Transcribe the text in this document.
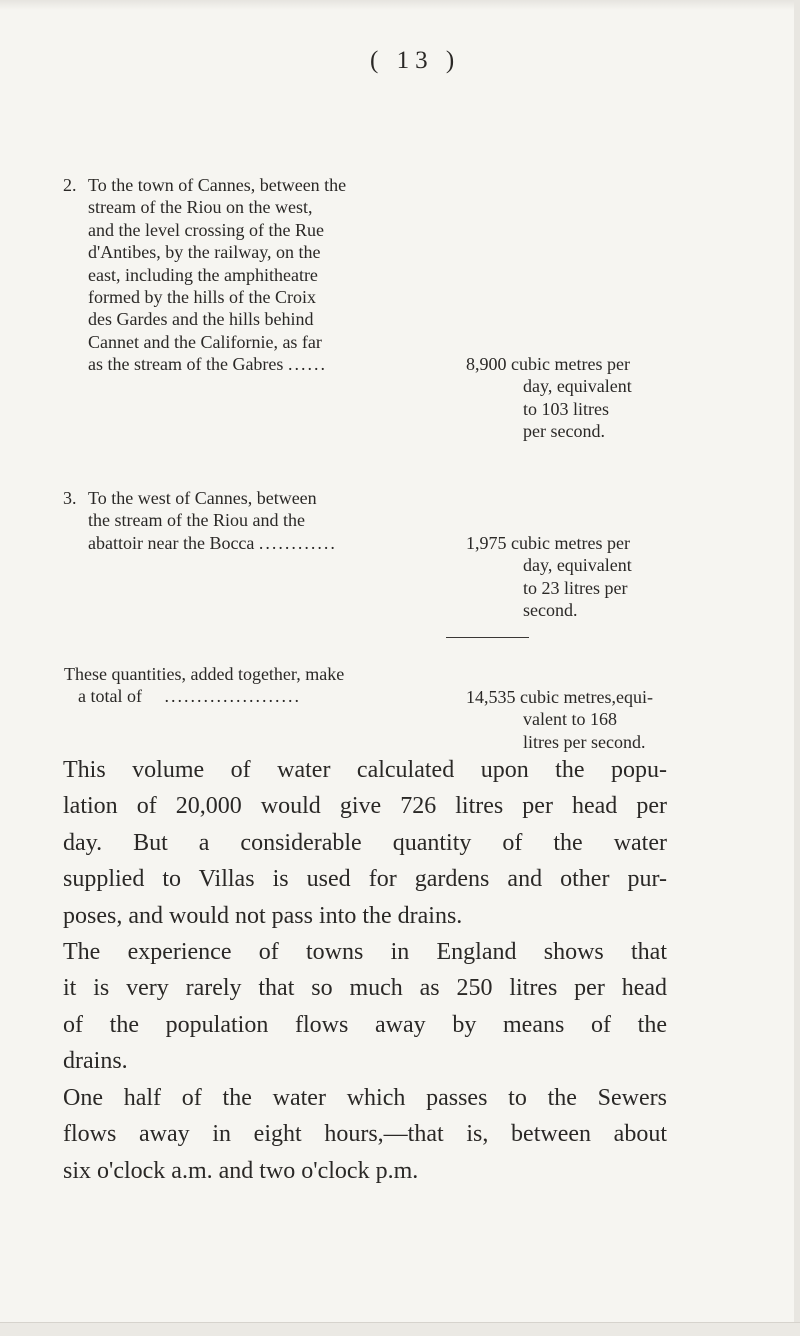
( 13 )
2. To the town of Cannes, between the
stream of the Riou on the west,
and the level crossing of the Rue
d'Antibes, by the railway, on the
east, including the amphitheatre
formed by the hills of the Croix
des Gardes and the hills behind
Cannet and the Californie, as far
as the stream of the Gabres ......	8,900 cubic metres per
day, equivalent
to 103 litres
per second.
3. To the west of Cannes, between
the stream of the Riou and the
abattoir near the Bocca ............	1,975 cubic metres per
day, equivalent
to 23 litres per
second.
These quantities, added together, make
a total of .....................	14,535 cubic metres,equi-
valent to 168
litres per second.
This volume of water calculated upon the popu-
lation of 20,000 would give 726 litres per head per
day. But a considerable quantity of the water
supplied to Villas is used for gardens and other pur-
poses, and would not pass into the drains.
The experience of towns in England shows that
it is very rarely that so much as 250 litres per head
of the population flows away by means of the
drains.
One half of the water which passes to the Sewers
flows away in eight hours,—that is, between about
six o'clock a.m. and two o'clock p.m.
